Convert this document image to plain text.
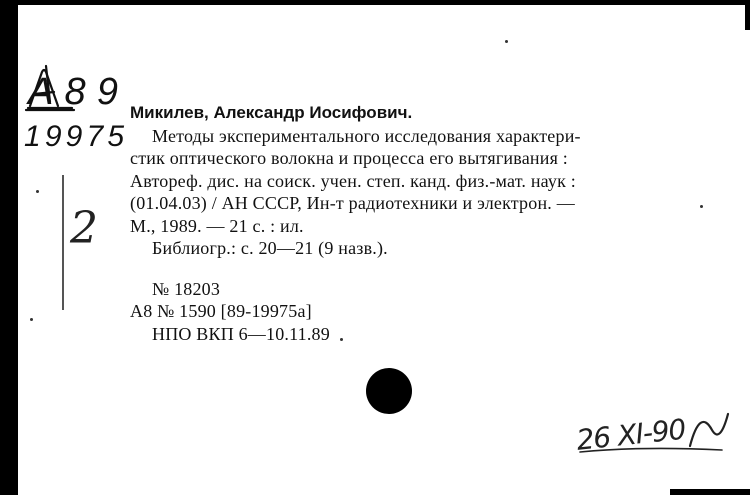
A89
19975
2
Микилев, Александр Иосифович.
Методы экспериментального исследования характери-
стик оптического волокна и процесса его вытягивания :
Автореф. дис. на соиск. учен. степ. канд. физ.-мат. наук :
(01.04.03) / АН СССР, Ин-т радиотехники и электрон. —
М., 1989. — 21 с. : ил.
Библиогр.: с. 20—21 (9 назв.).
№ 18203
А8 № 1590 [89-19975а]
НПО ВКП 6—10.11.89
26 XI-90
